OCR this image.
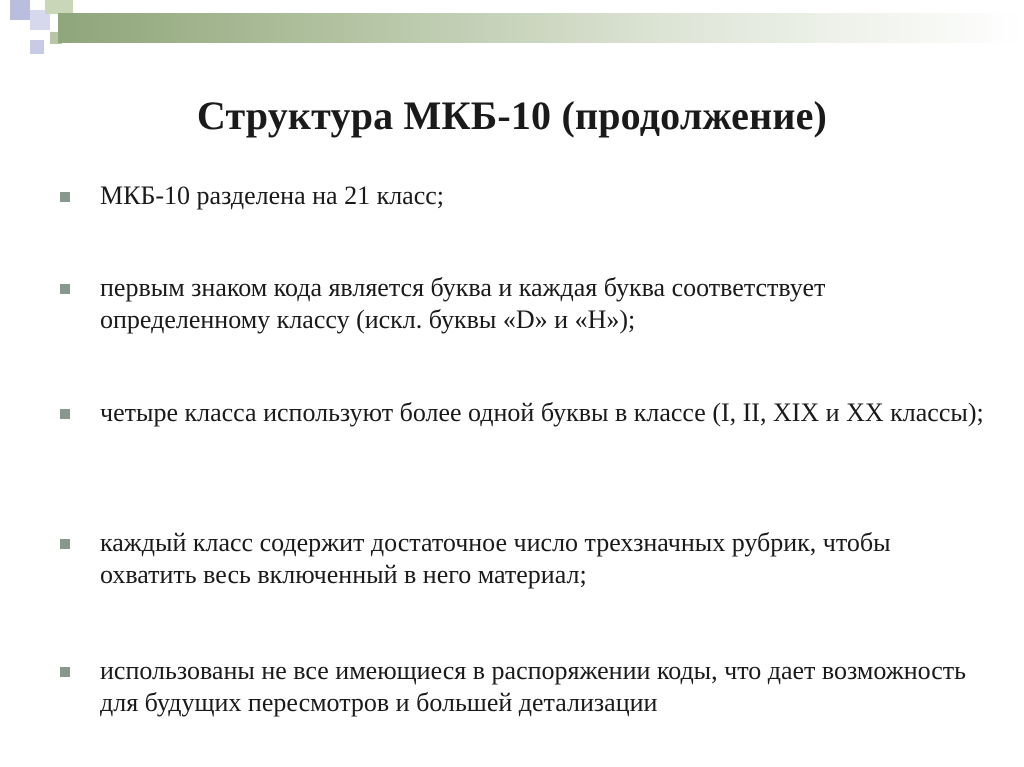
Структура МКБ-10 (продолжение)
МКБ-10 разделена на 21 класс;
первым знаком кода является буква и каждая буква соответствует определенному классу (искл. буквы «D» и «H»);
четыре класса используют более одной буквы в классе (I, II, XIX и XX классы);
каждый класс содержит достаточное число трехзначных рубрик, чтобы охватить весь включенный в него материал;
использованы не все имеющиеся в распоряжении коды, что дает возможность для будущих пересмотров и большей детализации
